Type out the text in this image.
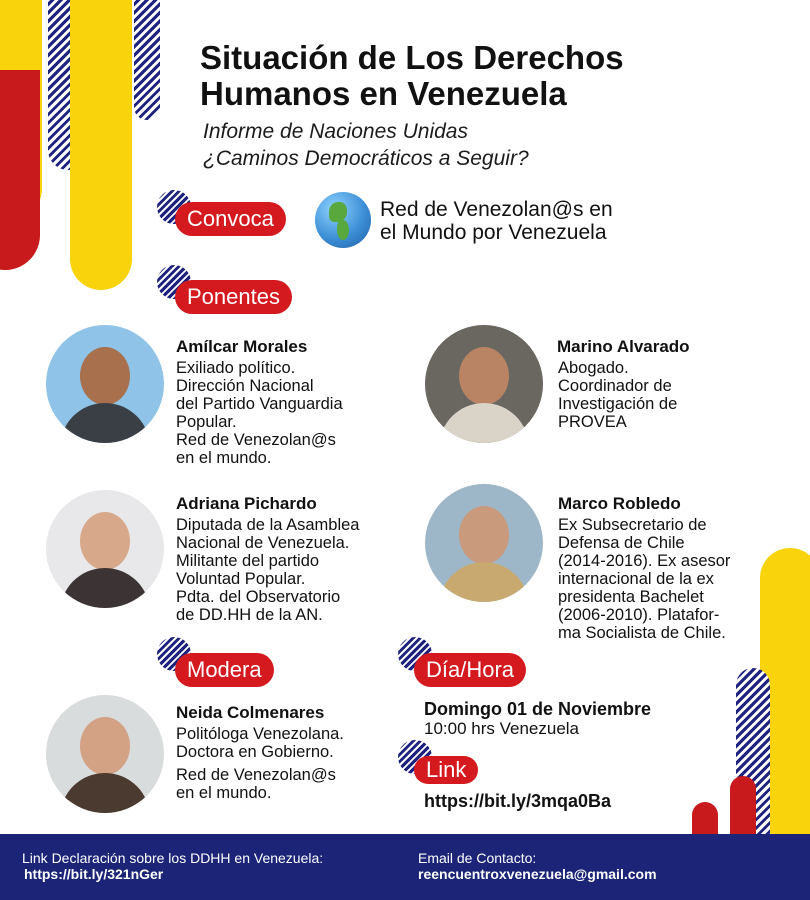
Situación de Los Derechos
Humanos en Venezuela
Informe de Naciones Unidas
¿Caminos Democráticos a Seguir?
Convoca	Red de Venezolan@s en
el Mundo por Venezuela
Ponentes
Amílcar Morales
Exiliado político.
Dirección Nacional
del Partido Vanguardia
Popular.
Red de Venezolan@s
en el mundo.
Marino Alvarado
Abogado.
Coordinador de
Investigación de
PROVEA
Adriana Pichardo
Diputada de la Asamblea
Nacional de Venezuela.
Militante del partido
Voluntad Popular.
Pdta. del Observatorio
de DD.HH de la AN.
Marco Robledo
Ex Subsecretario de
Defensa de Chile
(2014-2016). Ex asesor
internacional de la ex
presidenta Bachelet
(2006-2010). Platafor-
ma Socialista de Chile.
Modera
Neida Colmenares
Politóloga Venezolana.
Doctora en Gobierno.
Red de Venezolan@s
en el mundo.
Día/Hora
Domingo 01 de Noviembre
10:00 hrs Venezuela
Link
https://bit.ly/3mqa0Ba
Link Declaración sobre los DDHH en Venezuela:
https://bit.ly/321nGer
Email de Contacto:
reencuentroxvenezuela@gmail.com
